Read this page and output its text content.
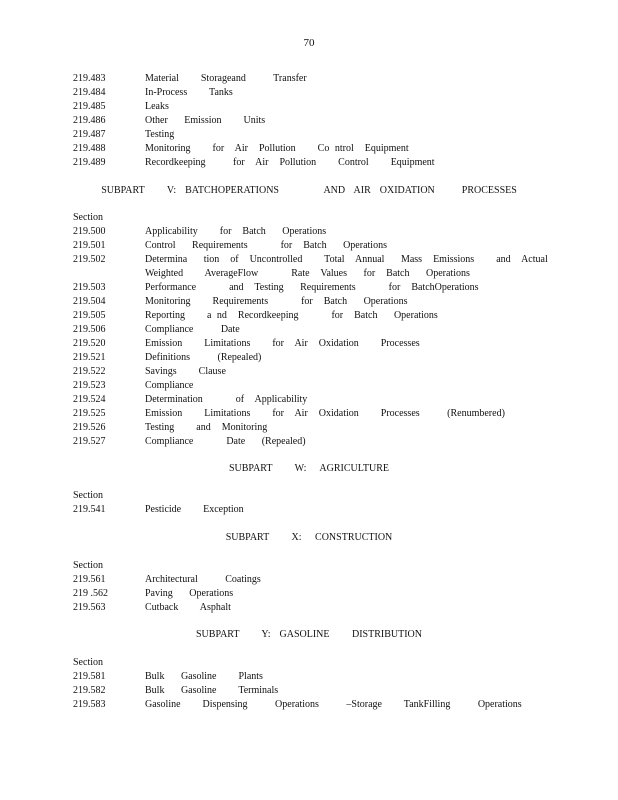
70
219.483	Material    Storageand     Transfer
219.484	In-Process    Tanks
219.485	Leaks
219.486	Other   Emission    Units
219.487	Testing
219.488	Monitoring    for  Air  Pollution    Co ntrol  Equipment
219.489	Recordkeeping     for  Air  Pollution    Control    Equipment
SUBPART     V:  BATCHOPERATIONS          AND  AIR  OXIDATION      PROCESSES
Section
219.500	Applicability    for  Batch   Operations
219.501	Control   Requirements      for  Batch   Operations
219.502	Determina   tion  of  Uncontrolled    Total  Annual   Mass  Emissions    and  Actual
Weighted    AverageFlow      Rate  Values   for  Batch   Operations
219.503	Performance      and  Testing   Requirements      for  BatchOperations
219.504	Monitoring    Requirements      for  Batch   Operations
219.505	Reporting    a nd  Recordkeeping      for  Batch   Operations
219.506	Compliance     Date
219.520	Emission    Limitations    for  Air  Oxidation    Processes
219.521	Definitions     (Repealed)
219.522	Savings    Clause
219.523	Compliance
219.524	Determination      of  Applicability
219.525	Emission    Limitations    for  Air  Oxidation    Processes     (Renumbered)
219.526	Testing    and  Monitoring
219.527	Compliance      Date   (Repealed)
SUBPART     W:   AGRICULTURE
Section
219.541	Pesticide    Exception
SUBPART     X:   CONSTRUCTION
Section
219.561	Architectural     Coatings
219 .562	Paving   Operations
219.563	Cutback    Asphalt
SUBPART     Y:  GASOLINE     DISTRIBUTION
Section
219.581	Bulk   Gasoline    Plants
219.582	Bulk   Gasoline    Terminals
219.583	Gasoline    Dispensing     Operations     –Storage    TankFilling     Operations
